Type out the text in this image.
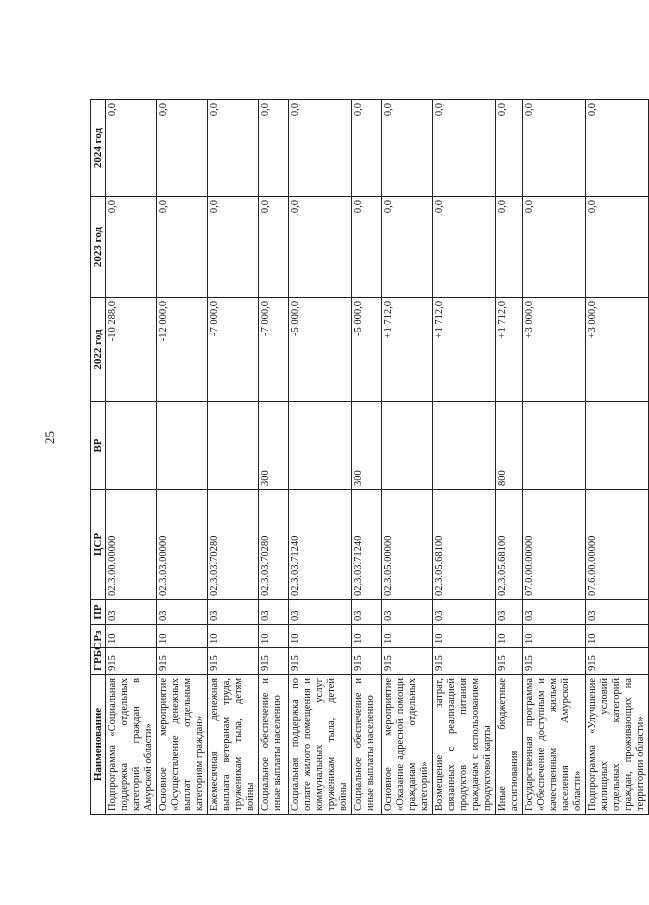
25
Наименование	ГРБС	Рз	ПР	ЦСР	ВР	2022 год	2023 год	2024 год
Подпрограмма «Социальная поддержка отдельных категорий граждан в Амурской области»	915	10	03	02.3.00.00000		-10 288,0	0,0	0,0
Основное мероприятие «Осуществление денежных выплат отдельным категориям граждан»	915	10	03	02.3.03.00000		-12 000,0	0,0	0,0
Ежемесячная денежная выплата ветеранам труда, труженикам тыла, детям войны	915	10	03	02.3.03.70280		-7 000,0	0,0	0,0
Социальное обеспечение и иные выплаты населению	915	10	03	02.3.03.70280	300	-7 000,0	0,0	0,0
Социальная поддержка по оплате жилого помещения и коммунальных услуг труженикам тыла, детей войны	915	10	03	02.3.03.71240		-5 000,0	0,0	0,0
Социальное обеспечение и иные выплаты населению	915	10	03	02.3.03.71240	300	-5 000,0	0,0	0,0
Основное мероприятие «Оказание адресной помощи гражданам отдельных категорий»	915	10	03	02.3.05.00000		+1 712,0	0,0	0,0
Возмещение затрат, связанных с реализацией продуктов питания гражданам с использованием продуктовой карты	915	10	03	02.3.05.68100		+1 712,0	0,0	0,0
Иные бюджетные ассигнования	915	10	03	02.3.05.68100	800	+1 712,0	0,0	0,0
Государственная программа «Обеспечение доступным и качественным жильем населения Амурской области»	915	10	03	07.0.00.00000		+3 000,0	0,0	0,0
Подпрограмма «Улучшение жилищных условий отдельных категорий граждан, проживающих на территории области»	915	10	03	07.6.00.00000		+3 000,0	0,0	0,0
